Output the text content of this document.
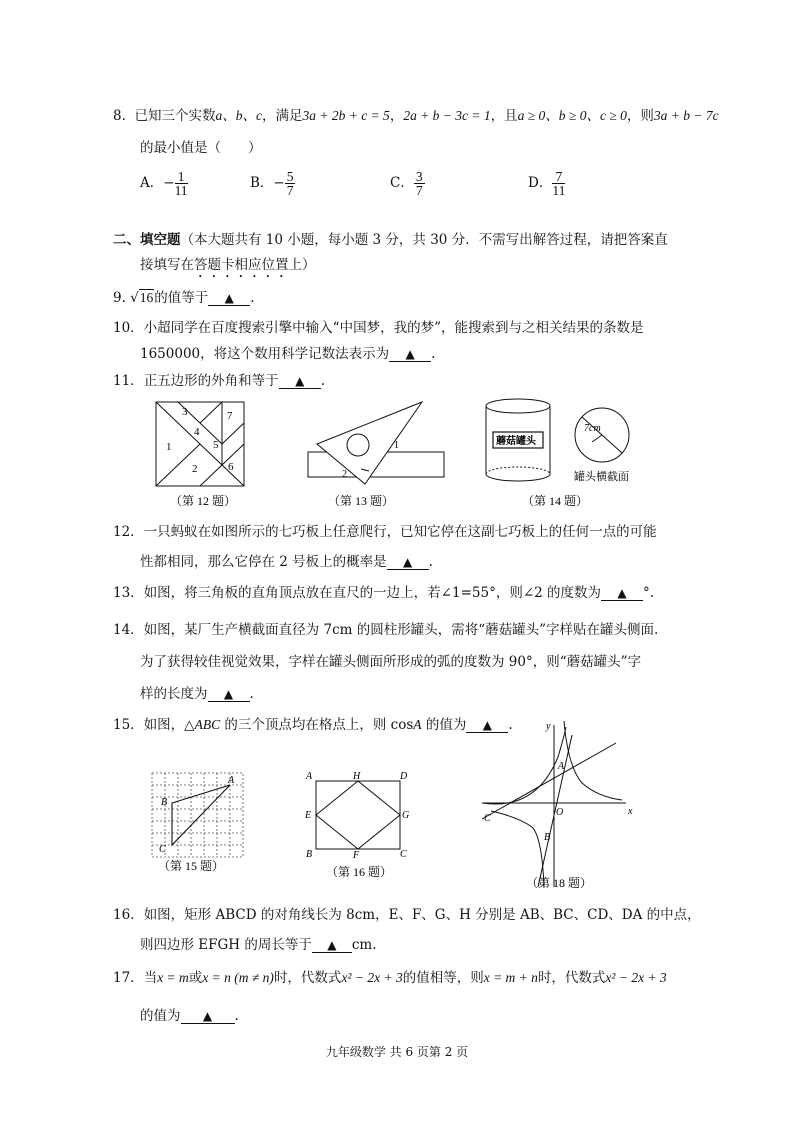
8. 已知三个实数a、b、c，满足3a + 2b + c = 5，2a + b − 3c = 1，且a ≥ 0、b ≥ 0、c ≥ 0，则3a + b − 7c
的最小值是（　　）
A．− $\frac{1}{11}$	B．− $\frac{5}{7}$	C． $\frac{3}{7}$	D． $\frac{7}{11}$
二、填空题（本大题共有 10 小题，每小题 3 分，共 30 分．不需写出解答过程，请把答案直
接填写在答题卡相应位置上）
9. √16的值等于 ▲ .
10．小超同学在百度搜索引擎中输入“中国梦，我的梦”，能搜索到与之相关结果的条数是
1650000，将这个数用科学记数法表示为 ▲ .
11．正五边形的外角和等于 ▲ .
3
4
1	5
7
2	6
（第 12 题）
1
2
（第 13 题）
蘑菇罐头
7cm
罐头横截面
（第 14 题）
12．一只蚂蚁在如图所示的七巧板上任意爬行，已知它停在这副七巧板上的任何一点的可能
性都相同，那么它停在 2 号板上的概率是 ▲ .
13．如图，将三角板的直角顶点放在直尺的一边上，若∠1=55°，则∠2 的度数为 ▲ °.
14．如图，某厂生产横截面直径为 7cm 的圆柱形罐头，需将“蘑菇罐头”字样贴在罐头侧面.
为了获得较佳视觉效果，字样在罐头侧面所形成的弧的度数为 90°，则“蘑菇罐头”字
样的长度为 ▲ .
15．如图，△ABC 的三个顶点均在格点上，则 cosA 的值为 ▲ .
A
B
C
（第 15 题）
A	H	D
E	G
B	F	C
（第 16 题）
y
x
O
A
B
C
（第 18 题）
16．如图，矩形 ABCD 的对角线长为 8cm，E、F、G、H 分别是 AB、BC、CD、DA 的中点，
则四边形 EFGH 的周长等于 ▲ cm.
17．当x = m或x = n (m ≠ n)时，代数式x² − 2x + 3的值相等，则x = m + n时，代数式x² − 2x + 3
的值为 ▲ .
九年级数学 共 6 页第 2 页
